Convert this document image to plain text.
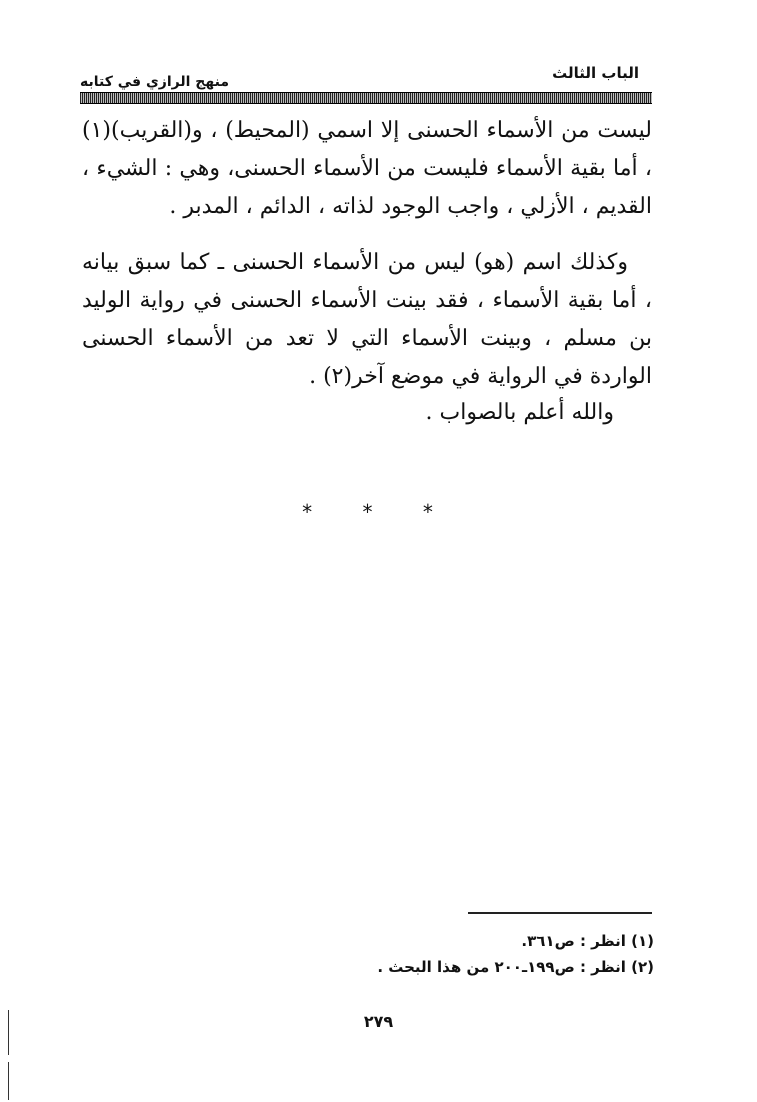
الباب الثالث
منهج الرازي في كتابه

ليست من الأسماء الحسنى إلا اسمي (المحيط) ، و(القريب)(١) ، أما بقية الأسماء فليست من الأسماء الحسنى، وهي : الشيء ، القديم ، الأزلي ، واجب الوجود لذاته ، الدائم ، المدبر .

وكذلك اسم (هو) ليس من الأسماء الحسنى ـ كما سبق بيانه ، أما بقية الأسماء ، فقد بينت الأسماء الحسنى في رواية الوليد بن مسلم ، وبينت الأسماء التي لا تعد من الأسماء الحسنى الواردة في الرواية في موضع آخر(٢) .

والله أعلم بالصواب .
* * *
(١) انظر : ص٣٦١.
(٢) انظر : ص١٩٩ـ٢٠٠ من هذا البحث .
٢٧٩
